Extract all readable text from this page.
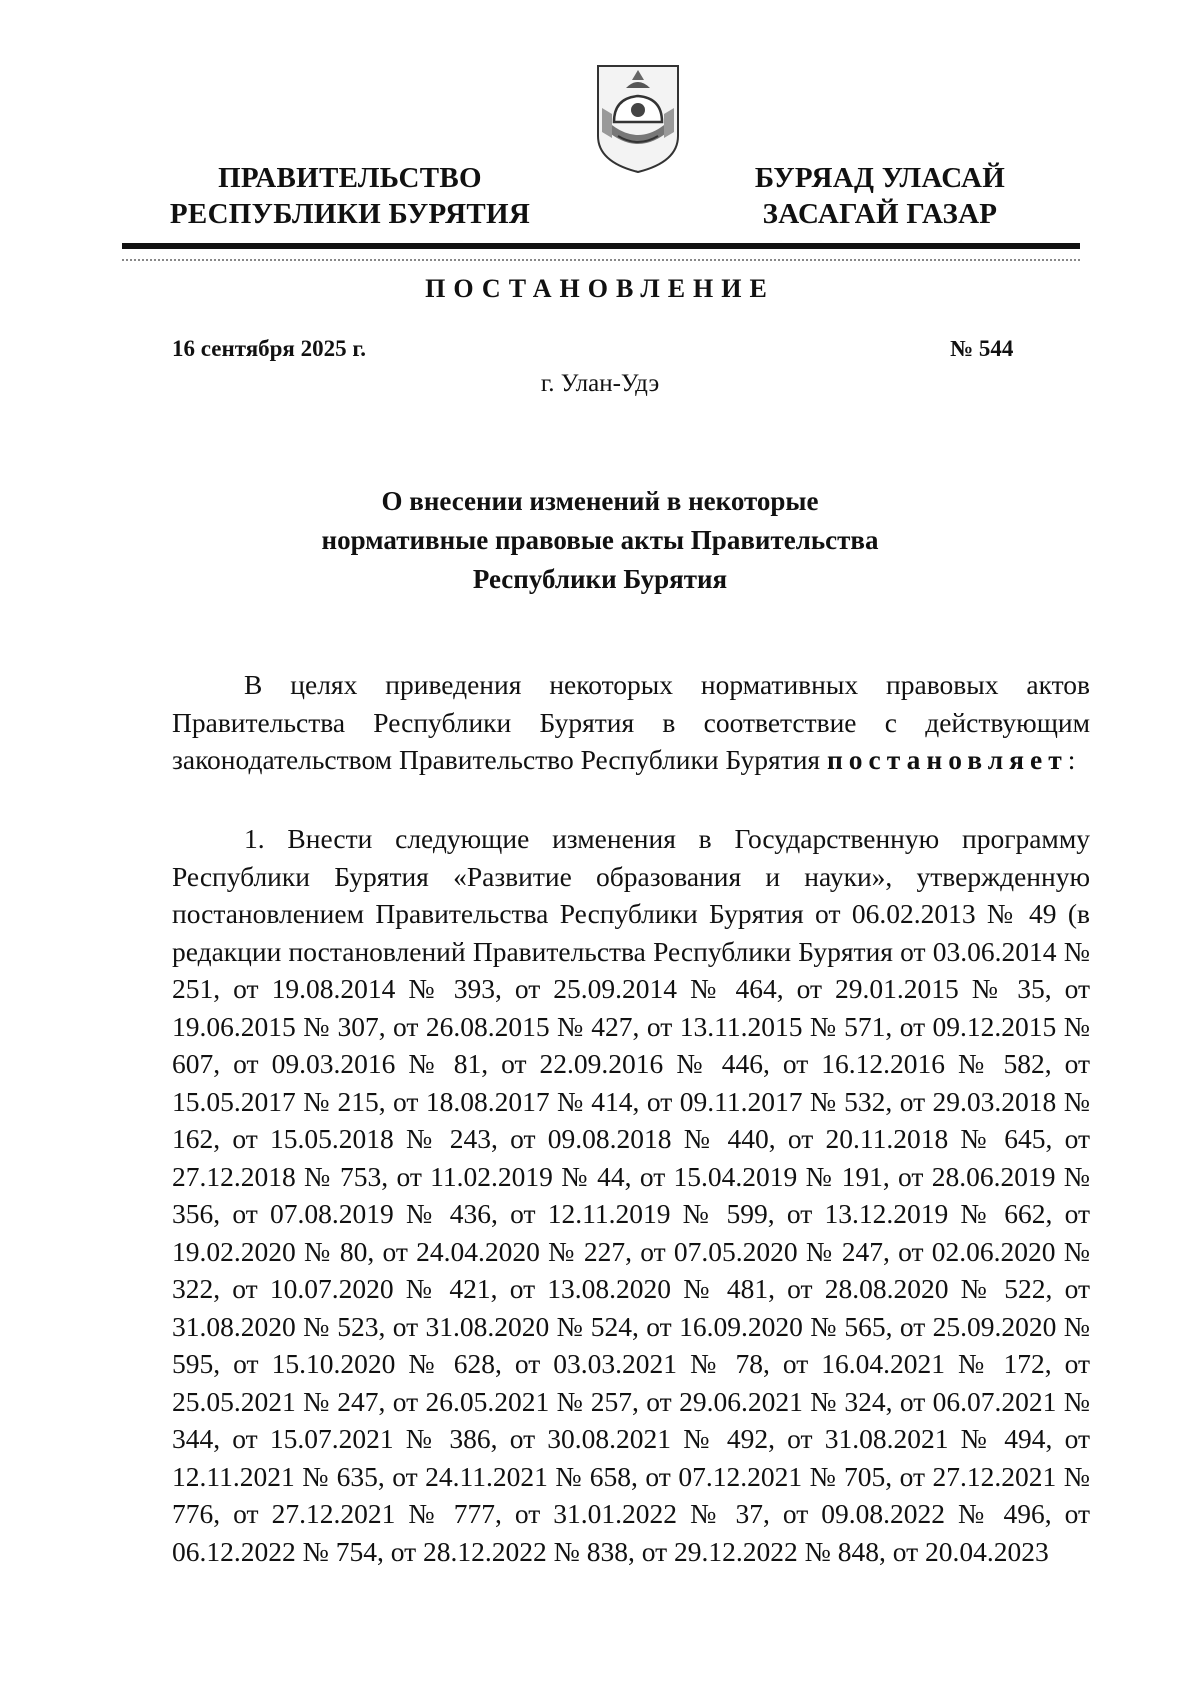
ПРАВИТЕЛЬСТВО
РЕСПУБЛИКИ БУРЯТИЯ
БУРЯАД УЛАСАЙ
ЗАСАГАЙ ГАЗАР
ПОСТАНОВЛЕНИЕ
16 сентября 2025 г.	№ 544
г. Улан-Удэ
О внесении изменений в некоторые
нормативные правовые акты Правительства
Республики Бурятия

В целях приведения некоторых нормативных правовых актов Правительства Республики Бурятия в соответствие с действующим законодательством Правительство Республики Бурятия постановляет:

1. Внести следующие изменения в Государственную программу Республики Бурятия «Развитие образования и науки», утвержденную постановлением Правительства Республики Бурятия от 06.02.2013 № 49 (в редакции постановлений Правительства Республики Бурятия от 03.06.2014 № 251, от 19.08.2014 № 393, от 25.09.2014 № 464, от 29.01.2015 № 35, от 19.06.2015 № 307, от 26.08.2015 № 427, от 13.11.2015 № 571, от 09.12.2015 № 607, от 09.03.2016 № 81, от 22.09.2016 № 446, от 16.12.2016 № 582, от 15.05.2017 № 215, от 18.08.2017 № 414, от 09.11.2017 № 532, от 29.03.2018 № 162, от 15.05.2018 № 243, от 09.08.2018 № 440, от 20.11.2018 № 645, от 27.12.2018 № 753, от 11.02.2019 № 44, от 15.04.2019 № 191, от 28.06.2019 № 356, от 07.08.2019 № 436, от 12.11.2019 № 599, от 13.12.2019 № 662, от 19.02.2020 № 80, от 24.04.2020 № 227, от 07.05.2020 № 247, от 02.06.2020 № 322, от 10.07.2020 № 421, от 13.08.2020 № 481, от 28.08.2020 № 522, от 31.08.2020 № 523, от 31.08.2020 № 524, от 16.09.2020 № 565, от 25.09.2020 № 595, от 15.10.2020 № 628, от 03.03.2021 № 78, от 16.04.2021 № 172, от 25.05.2021 № 247, от 26.05.2021 № 257, от 29.06.2021 № 324, от 06.07.2021 № 344, от 15.07.2021 № 386, от 30.08.2021 № 492, от 31.08.2021 № 494, от 12.11.2021 № 635, от 24.11.2021 № 658, от 07.12.2021 № 705, от 27.12.2021 № 776, от 27.12.2021 № 777, от 31.01.2022 № 37, от 09.08.2022 № 496, от 06.12.2022 № 754, от 28.12.2022 № 838, от 29.12.2022 № 848, от 20.04.2023
